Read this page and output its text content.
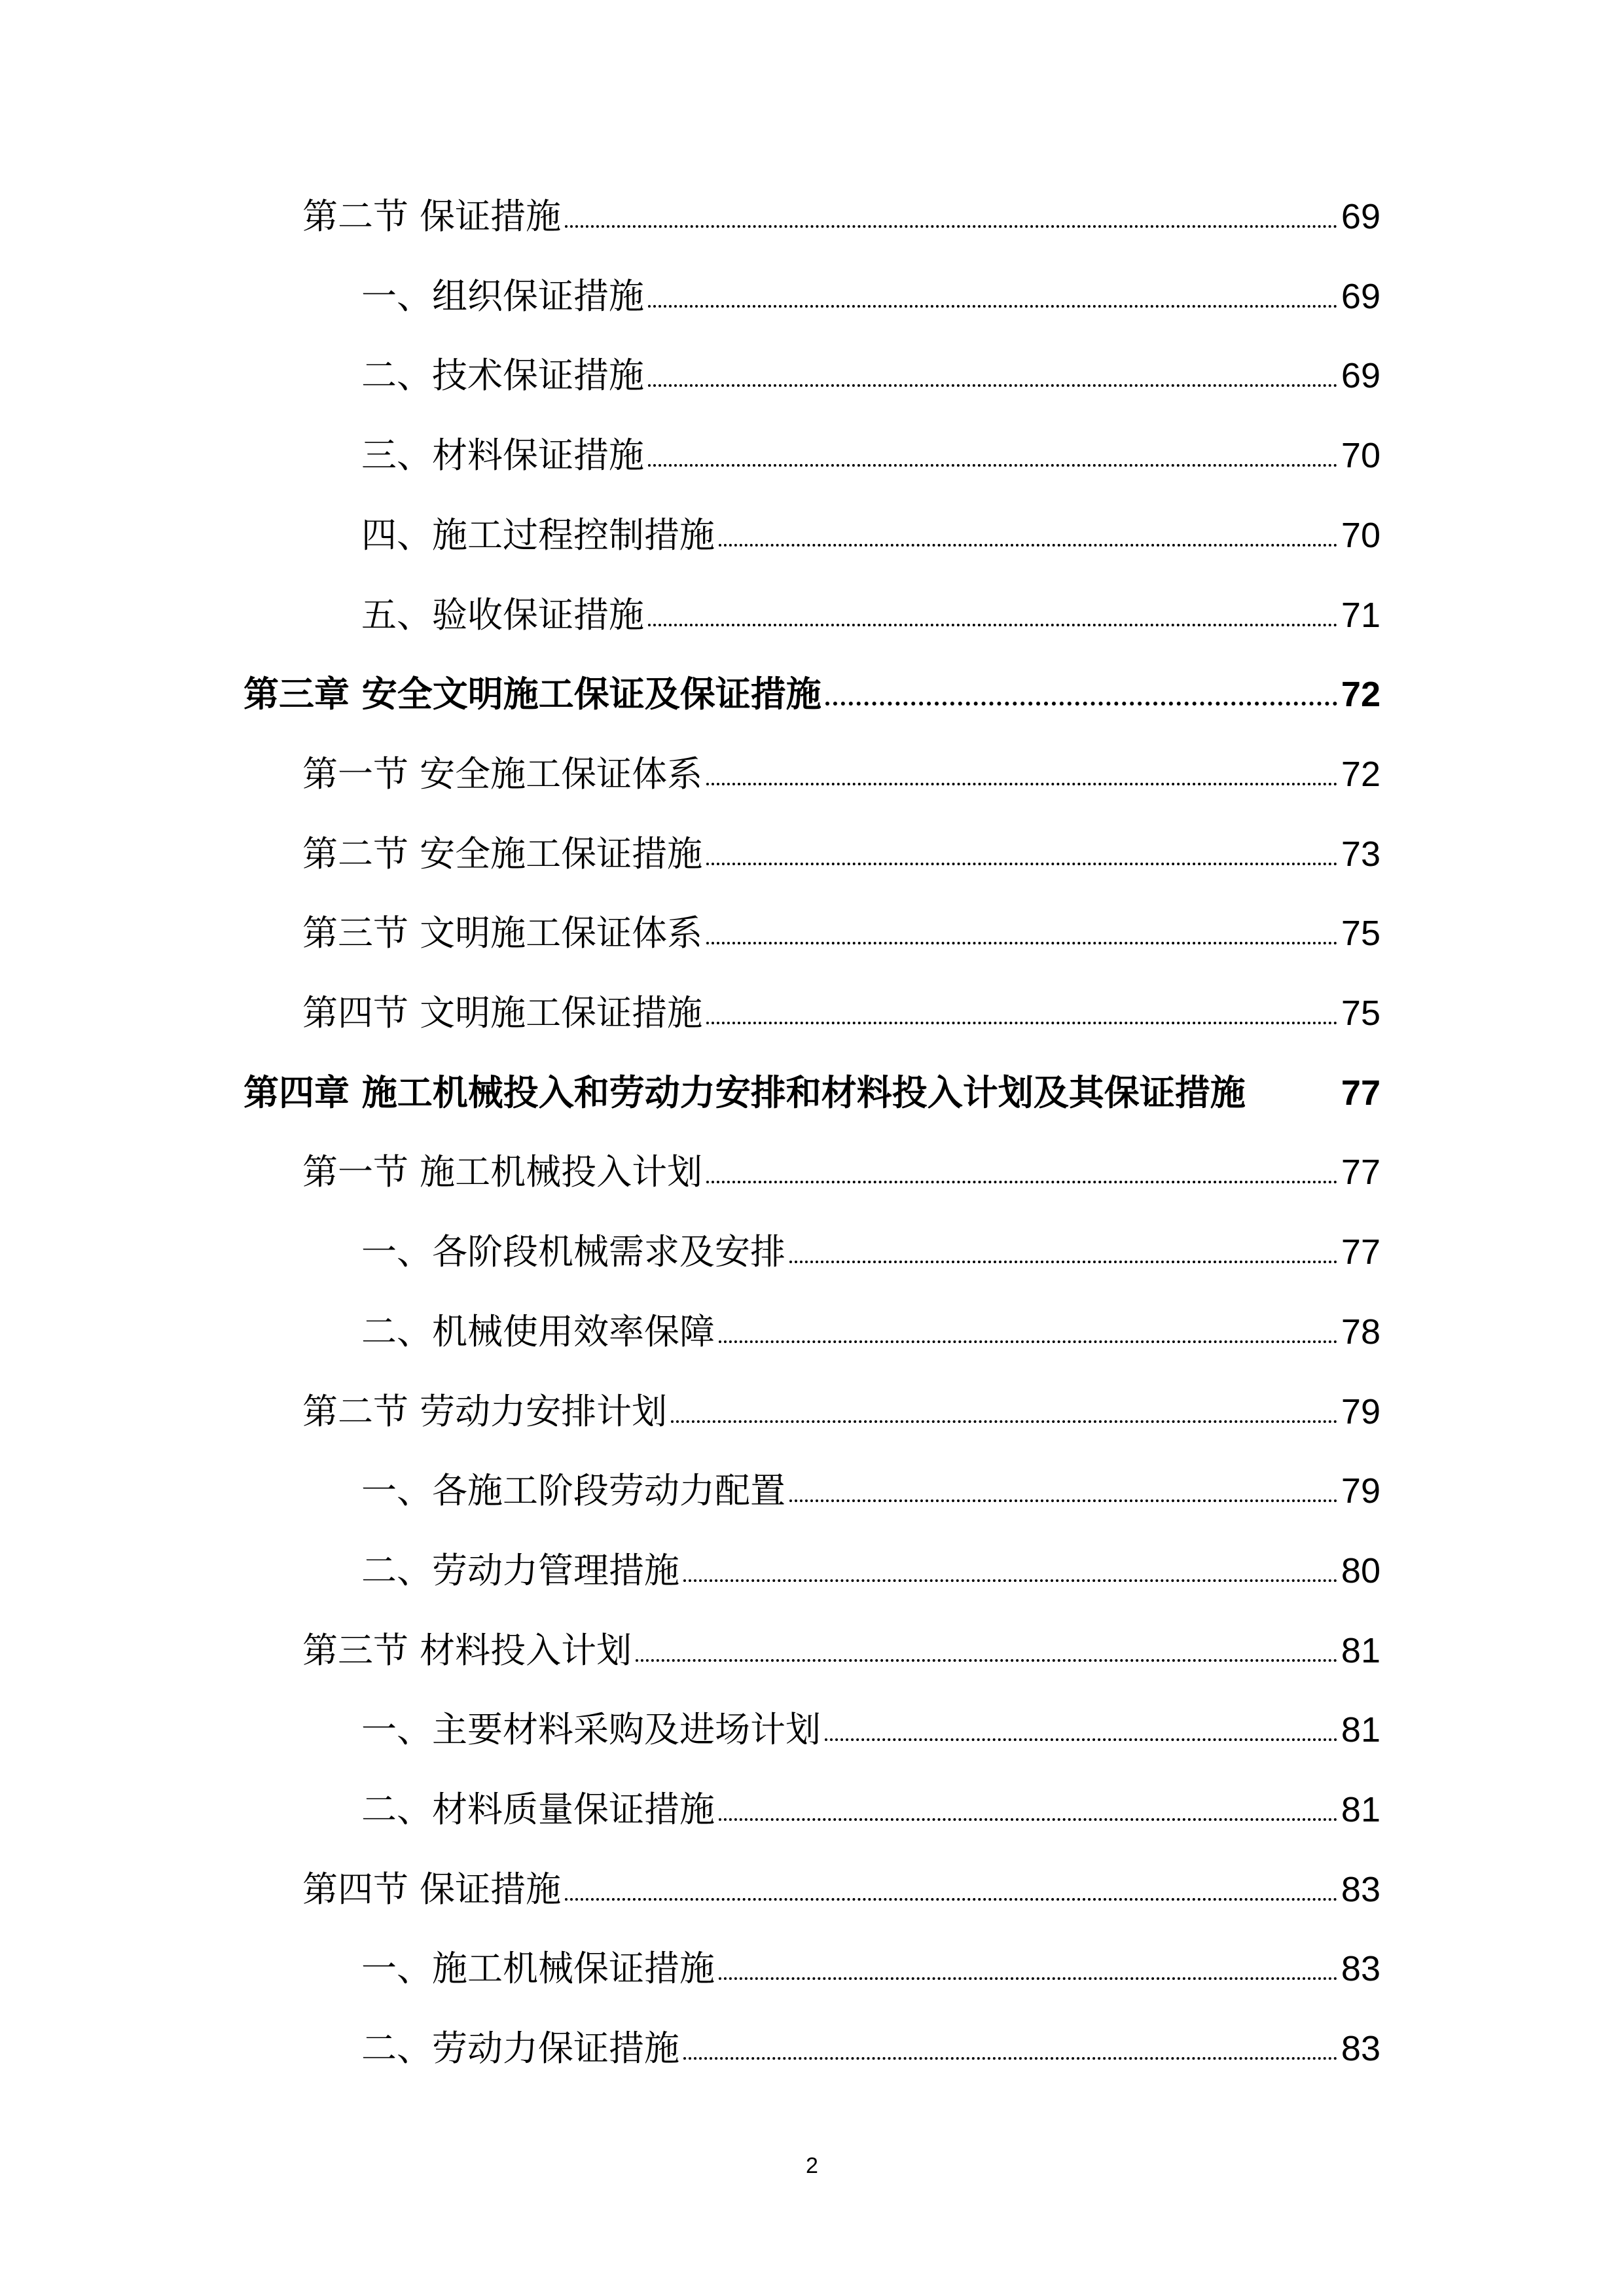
第二节 保证措施	69
一、组织保证措施	69
二、技术保证措施	69
三、材料保证措施	70
四、施工过程控制措施	70
五、验收保证措施	71
第三章 安全文明施工保证及保证措施	72
第一节 安全施工保证体系	72
第二节 安全施工保证措施	73
第三节 文明施工保证体系	75
第四节 文明施工保证措施	75
第四章 施工机械投入和劳动力安排和材料投入计划及其保证措施	77
第一节 施工机械投入计划	77
一、各阶段机械需求及安排	77
二、机械使用效率保障	78
第二节 劳动力安排计划	79
一、各施工阶段劳动力配置	79
二、劳动力管理措施	80
第三节 材料投入计划	81
一、主要材料采购及进场计划	81
二、材料质量保证措施	81
第四节 保证措施	83
一、施工机械保证措施	83
二、劳动力保证措施	83
2
